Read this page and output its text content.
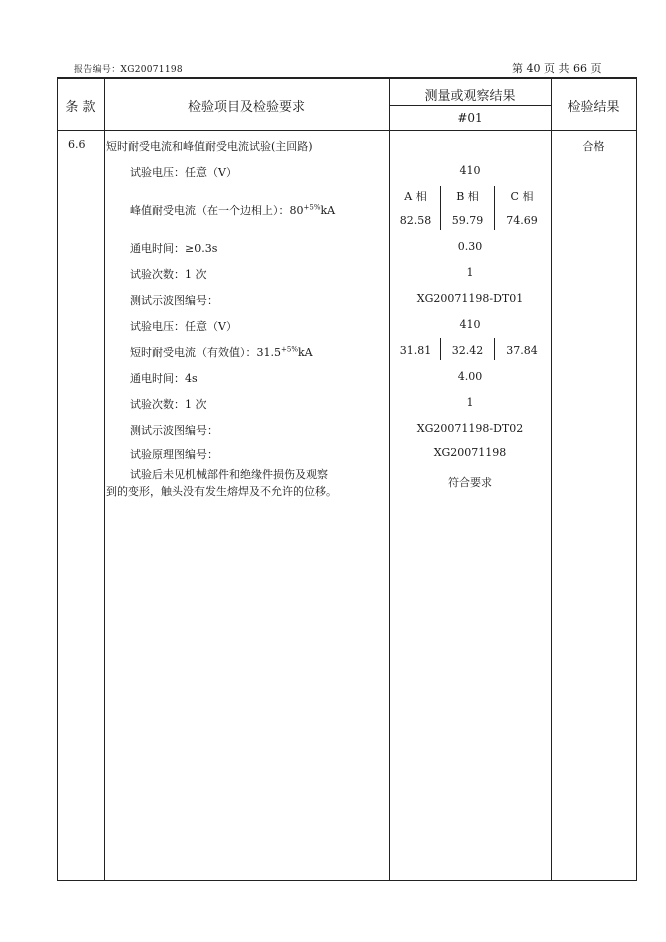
报告编号：XG20071198	第 40 页 共 66 页
条 款	检验项目及检验要求
测量或观察结果
#01
检验结果
6.6 短时耐受电流和峰值耐受电流试验(主回路)	合格
试验电压：任意（V）	410
峰值耐受电流（在一个边相上）：$80^{+5\%}kA$
A 相	B 相	C 相
82.58	59.79	74.69
通电时间：≥0.3s	0.30
试验次数：1 次	1
测试示波图编号：	XG20071198-DT01
试验电压：任意（V）	410
短时耐受电流（有效值）：$31.5^{+5\%}kA$	31.81	32.42	37.84
通电时间：4s	4.00
试验次数：1 次	1
测试示波图编号：	XG20071198-DT02
试验原理图编号：	XG20071198
试验后未见机械部件和绝缘件损伤及观察
到的变形，触头没有发生熔焊及不允许的位移。
符合要求
